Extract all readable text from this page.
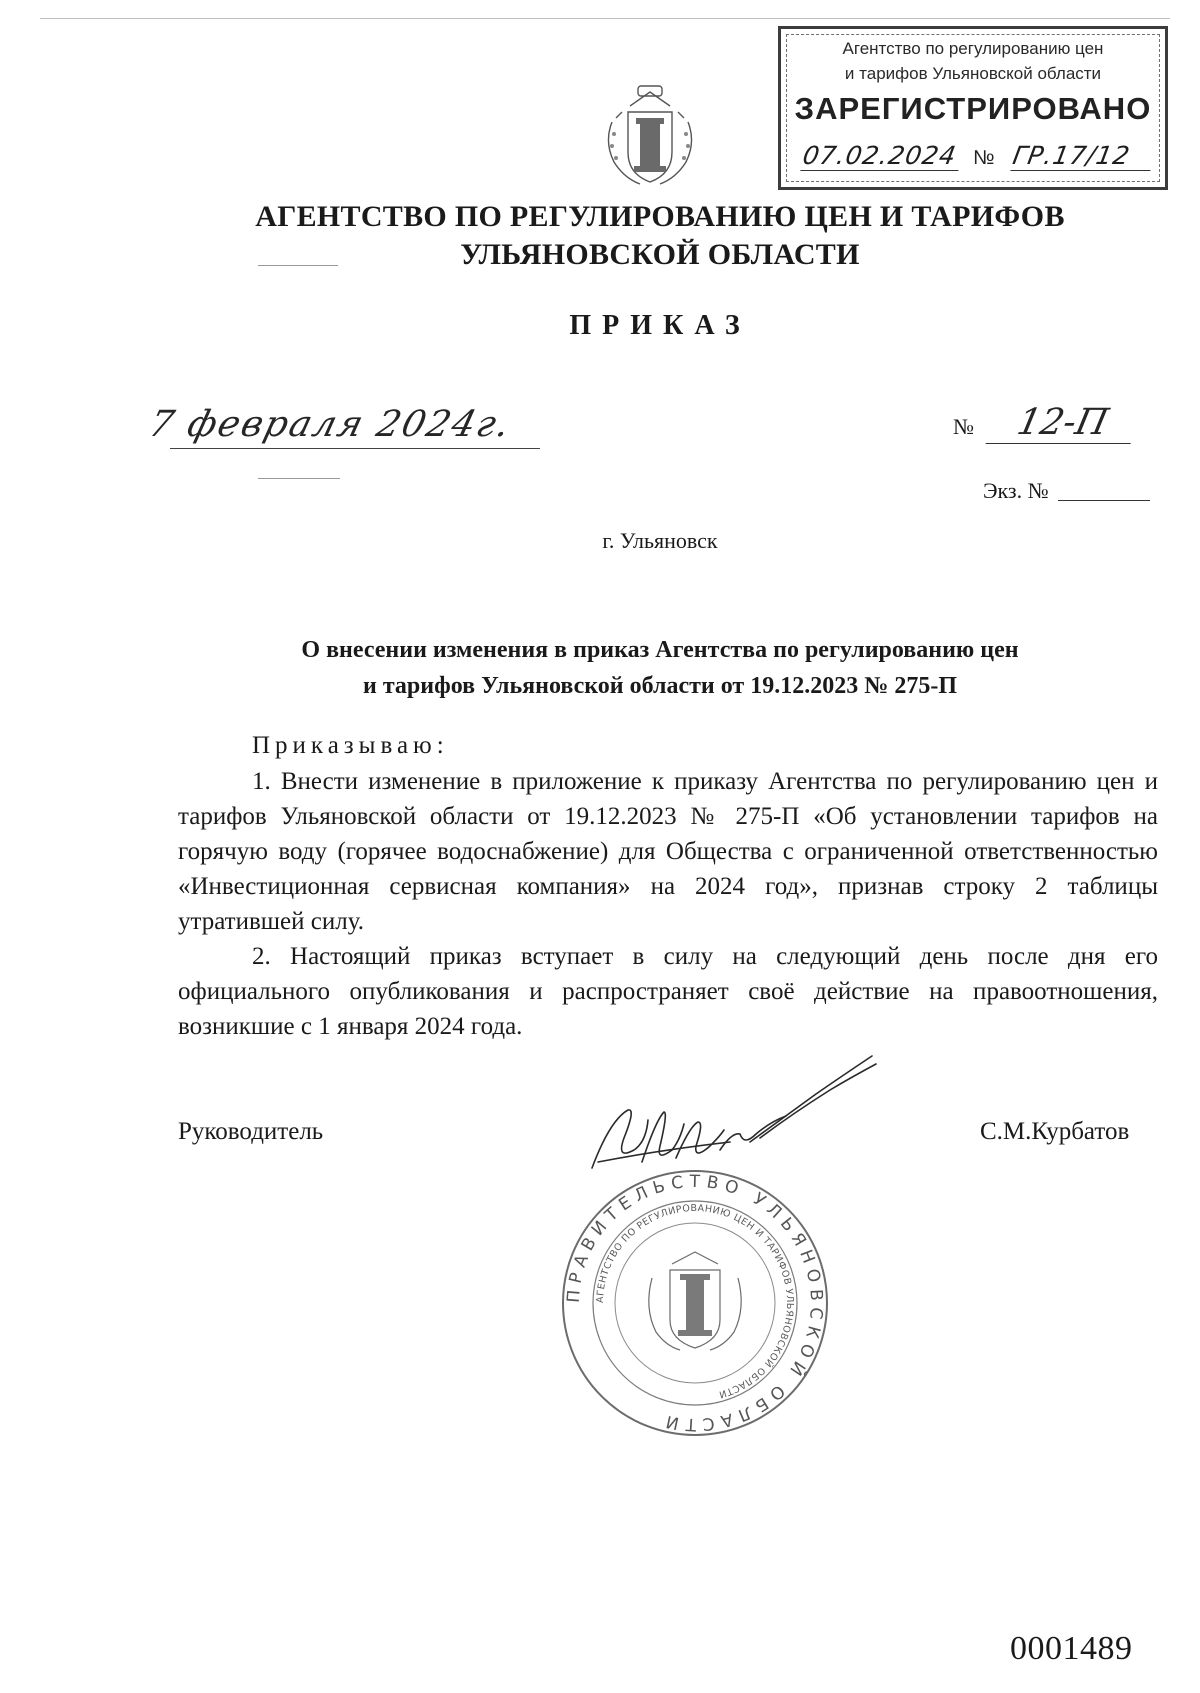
Агентство по регулированию цен
и тарифов Ульяновской области
ЗАРЕГИСТРИРОВАНО
07.02.2024 № ГР.17/12
АГЕНТСТВО ПО РЕГУЛИРОВАНИЮ ЦЕН И ТАРИФОВ
УЛЬЯНОВСКОЙ ОБЛАСТИ
ПРИКАЗ
7 февраля 2024г.	№	12-П
Экз. №
г. Ульяновск
О внесении изменения в приказ Агентства по регулированию цен
и тарифов Ульяновской области от 19.12.2023 № 275-П
Приказываю:

1. Внести изменение в приложение к приказу Агентства по регулированию цен и тарифов Ульяновской области от 19.12.2023 № 275-П «Об установлении тарифов на горячую воду (горячее водоснабжение) для Общества с ограниченной ответственностью «Инвестиционная сервисная компания» на 2024 год», признав строку 2 таблицы утратившей силу.

2. Настоящий приказ вступает в силу на следующий день после дня его официального опубликования и распространяет своё действие на правоотношения, возникшие с 1 января 2024 года.

Руководитель	С.М.Курбатов
ПРАВИТЕЛЬСТВО УЛЬЯНОВСКОЙ ОБЛАСТИ
АГЕНТСТВО ПО РЕГУЛИРОВАНИЮ ЦЕН И ТАРИФОВ УЛЬЯНОВСКОЙ ОБЛАСТИ
0001489
